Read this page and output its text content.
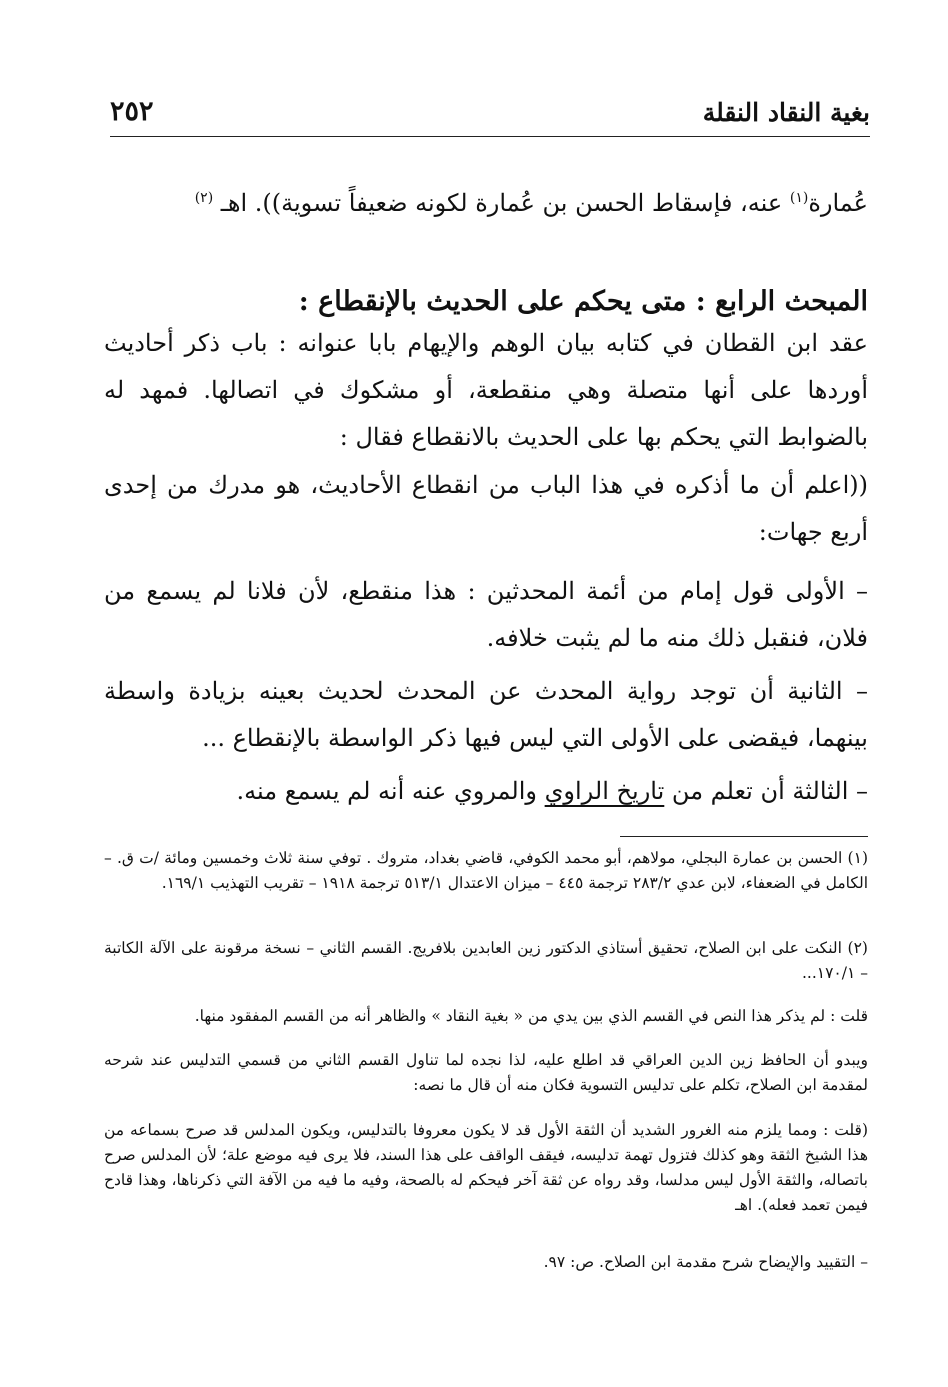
بغية النقاد النقلة
٢٥٢
عُمارة$^{(١)}$ عنه، فإسقاط الحسن بن عُمارة لكونه ضعيفاً تسوية)). اهـ $^{(٢)}$
المبحث الرابع : متى يحكم على الحديث بالإنقطاع :
عقد ابن القطان في كتابه بيان الوهم والإيهام بابا عنوانه : باب ذكر أحاديث أوردها على أنها متصلة وهي منقطعة، أو مشكوك في اتصالها. فمهد له بالضوابط التي يحكم بها على الحديث بالانقطاع فقال :
((اعلم أن ما أذكره في هذا الباب من انقطاع الأحاديث، هو مدرك من إحدى أربع جهات:
– الأولى قول إمام من أئمة المحدثين : هذا منقطع، لأن فلانا لم يسمع من فلان، فنقبل ذلك منه ما لم يثبت خلافه.
– الثانية أن توجد رواية المحدث عن المحدث لحديث بعينه بزيادة واسطة بينهما، فيقضى على الأولى التي ليس فيها ذكر الواسطة بالإنقطاع ...
– الثالثة أن تعلم من تاريخ الراوي والمروي عنه أنه لم يسمع منه.
(١) الحسن بن عمارة البجلي، مولاهم، أبو محمد الكوفي، قاضي بغداد، متروك . توفي سنة ثلاث وخمسين ومائة /ت ق. – الكامل في الضعفاء، لابن عدي ٢٨٣/٢ ترجمة ٤٤٥ – ميزان الاعتدال ٥١٣/١ ترجمة ١٩١٨ – تقريب التهذيب ١٦٩/١.
(٢) النكت على ابن الصلاح، تحقيق أستاذي الدكتور زين العابدين بلافريج. القسم الثاني – نسخة مرقونة على الآلة الكاتبة – ١٧٠/١...
قلت : لم يذكر هذا النص في القسم الذي بين يدي من « بغية النقاد » والظاهر أنه من القسم المفقود منها.
ويبدو أن الحافظ زين الدين العراقي قد اطلع عليه، لذا نجده لما تناول القسم الثاني من قسمي التدليس عند شرحه لمقدمة ابن الصلاح، تكلم على تدليس التسوية فكان منه أن قال ما نصه:
(قلت : ومما يلزم منه الغرور الشديد أن الثقة الأول قد لا يكون معروفا بالتدليس، ويكون المدلس قد صرح بسماعه من هذا الشيخ الثقة وهو كذلك فتزول تهمة تدليسه، فيقف الواقف على هذا السند، فلا يرى فيه موضع علة؛ لأن المدلس صرح باتصاله، والثقة الأول ليس مدلسا، وقد رواه عن ثقة آخر فيحكم له بالصحة، وفيه ما فيه من الآفة التي ذكرناها، وهذا قادح فيمن تعمد فعله). اهـ
– التقييد والإيضاح شرح مقدمة ابن الصلاح. ص: ٩٧.
